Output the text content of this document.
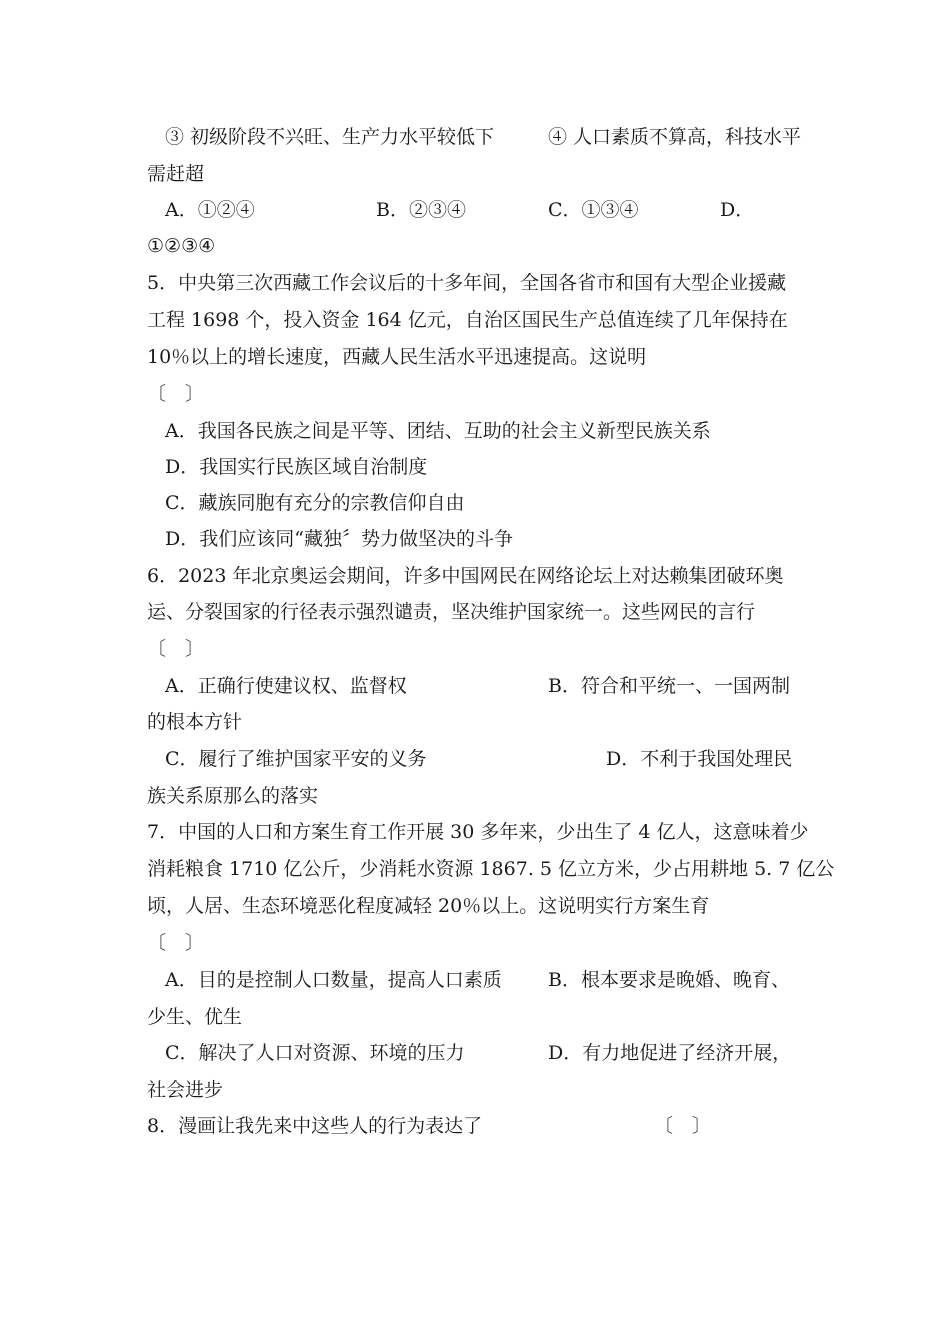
③ 初级阶段不兴旺、生产力水平较低下	④ 人口素质不算高，科技水平
需赶超
A．①②④	B．②③④	C．①③④	D．
①②③④
5．中央第三次西藏工作会议后的十多年间，全国各省市和国有大型企业援藏
工程 1698 个，投入资金 164 亿元，自治区国民生产总值连续了几年保持在
10％以上的增长速度，西藏人民生活水平迅速提高。这说明
〔　〕
A．我国各民族之间是平等、团结、互助的社会主义新型民族关系
D．我国实行民族区域自治制度
C．藏族同胞有充分的宗教信仰自由
D．我们应该同“藏独〞势力做坚决的斗争
6．2023 年北京奥运会期间，许多中国网民在网络论坛上对达赖集团破环奥
运、分裂国家的行径表示强烈谴责，坚决维护国家统一。这些网民的言行
〔　〕
A．正确行使建议权、监督权	B．符合和平统一、一国两制
的根本方针
C．履行了维护国家平安的义务	D．不利于我国处理民
族关系原那么的落实
7．中国的人口和方案生育工作开展 30 多年来，少出生了 4 亿人，这意味着少
消耗粮食 1710 亿公斤，少消耗水资源 1867. 5 亿立方米，少占用耕地 5. 7 亿公
顷，人居、生态环境恶化程度减轻 20％以上。这说明实行方案生育
〔　〕
A．目的是控制人口数量，提高人口素质 B．根本要求是晚婚、晚育、
少生、优生
C．解决了人口对资源、环境的压力	D．有力地促进了经济开展，
社会进步
8．漫画让我先来中这些人的行为表达了	〔　〕
